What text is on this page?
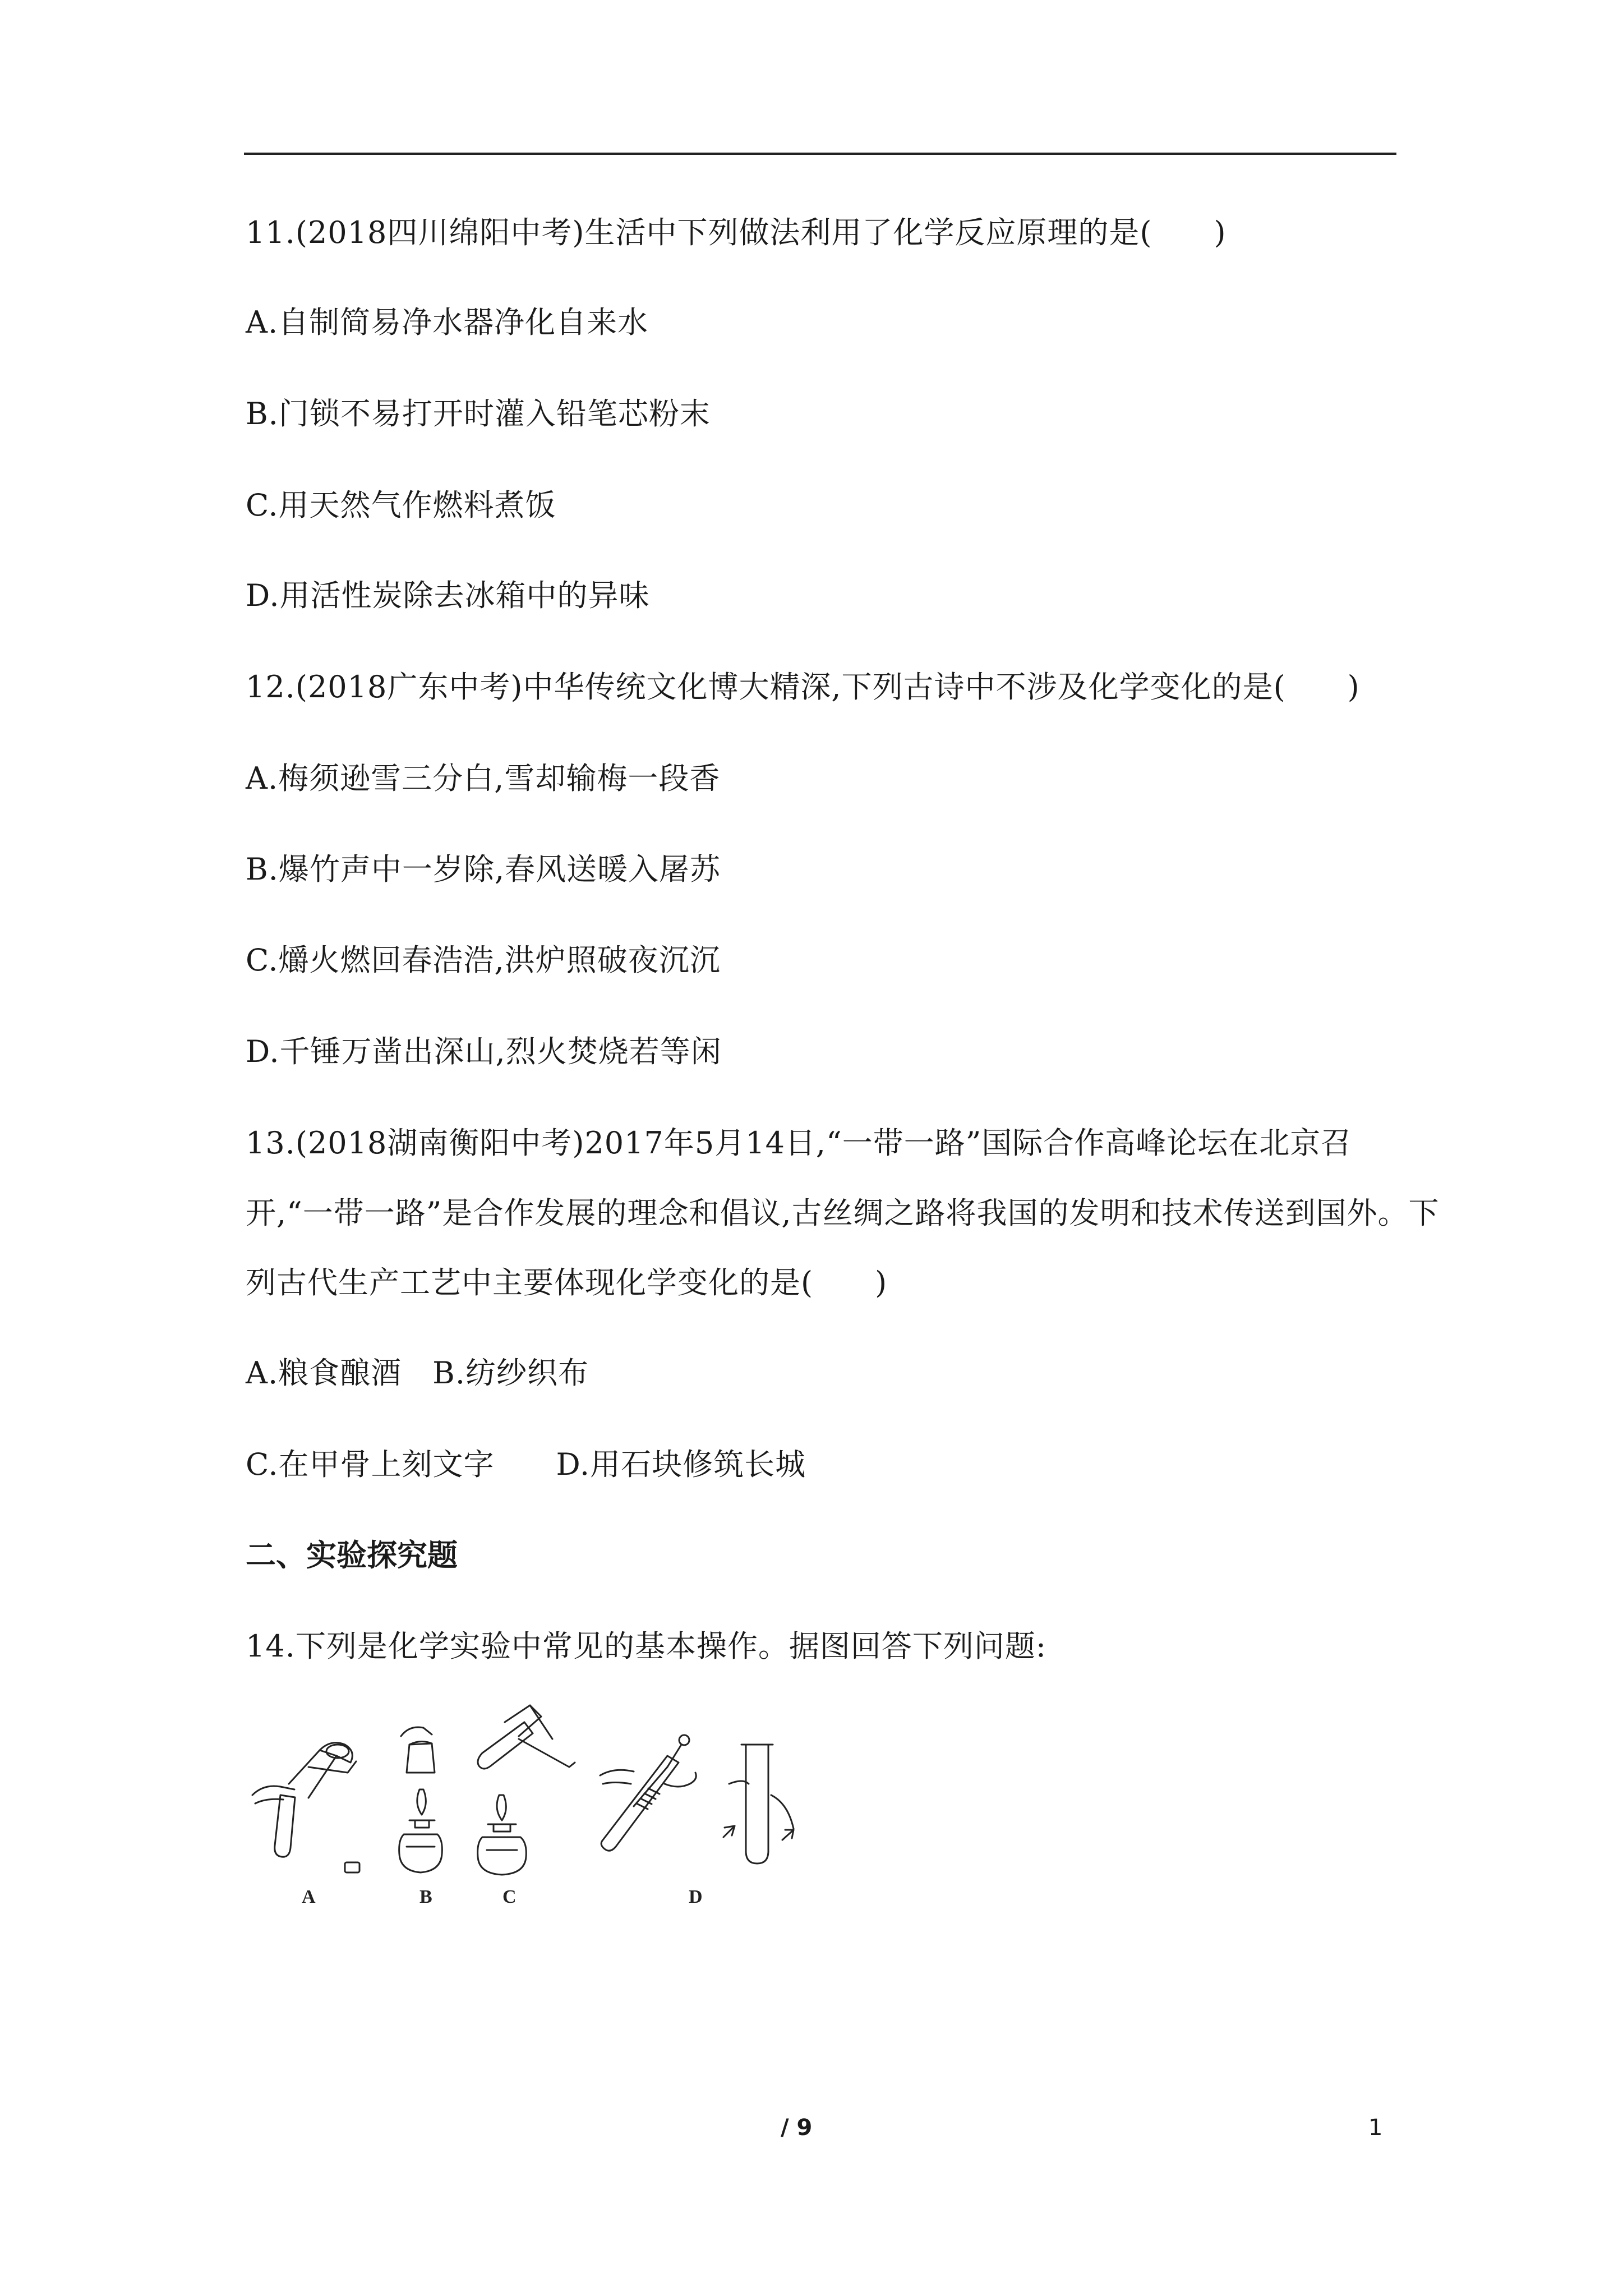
11.(2018四川绵阳中考)生活中下列做法利用了化学反应原理的是(　　)
A.自制简易净水器净化自来水
B.门锁不易打开时灌入铅笔芯粉末
C.用天然气作燃料煮饭
D.用活性炭除去冰箱中的异味
12.(2018广东中考)中华传统文化博大精深,下列古诗中不涉及化学变化的是(　　)
A.梅须逊雪三分白,雪却输梅一段香
B.爆竹声中一岁除,春风送暖入屠苏
C.爝火燃回春浩浩,洪炉照破夜沉沉
D.千锤万凿出深山,烈火焚烧若等闲
13.(2018湖南衡阳中考)2017年5月14日,“一带一路”国际合作高峰论坛在北京召
开,“一带一路”是合作发展的理念和倡议,古丝绸之路将我国的发明和技术传送到国外。下
列古代生产工艺中主要体现化学变化的是(　　)
A.粮食酿酒　B.纺纱织布
C.在甲骨上刻文字　　D.用石块修筑长城
二、实验探究题
14.下列是化学实验中常见的基本操作。据图回答下列问题:
A	B	C	D
/ 9	1
